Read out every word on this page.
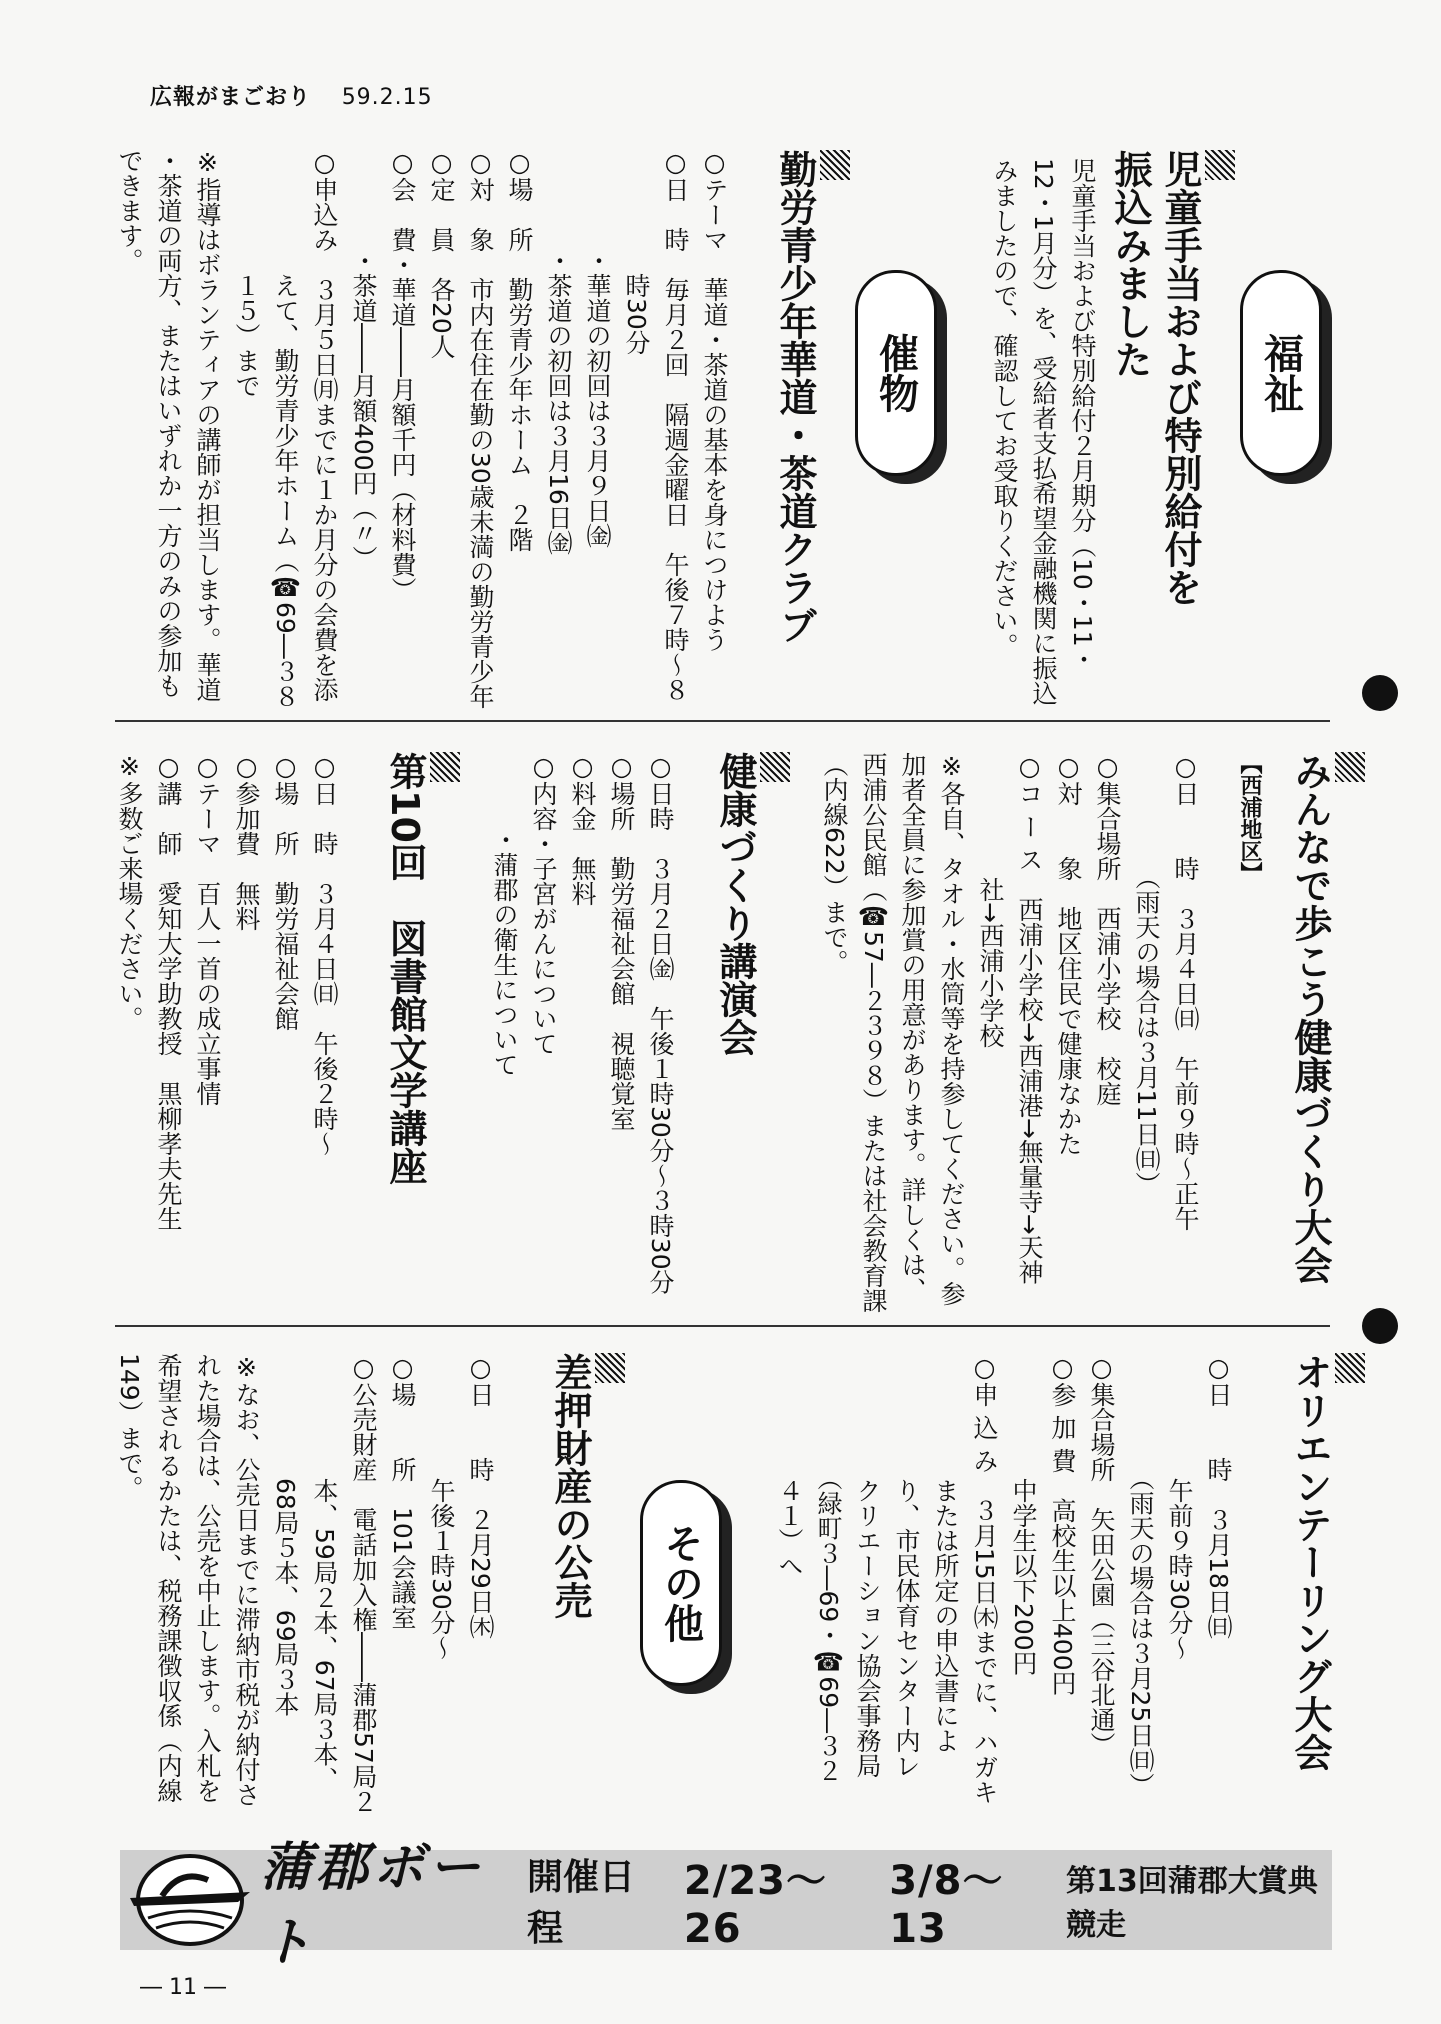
広報がまごおり 59.2.15
福祉
児童手当および特別給付を
振込みました
児童手当および特別給付２月期分（10・11・
12・1月分）を、受給者支払希望金融機関に振込
みましたので、確認してお受取りください。
催物
勤労青少年華道・茶道クラブ
○テーマ　華道・茶道の基本を身につけよう
○日　時　毎月２回　隔週金曜日　午後７時〜８
　　　　　時30分
　　　　・華道の初回は３月９日㈮
　　　　・茶道の初回は３月16日㈮
○場　所　勤労青少年ホーム　２階
○対　象　市内在住在勤の30歳未満の勤労青少年
○定　員　各20人
○会　費・華道――月額千円（材料費）
　　　　・茶道――月額400円（〃）
○申込み　３月５日㈪までに１か月分の会費を添
　　　　　えて、勤労青少年ホーム（☎69―３８
　　　　　１５）まで
※指導はボランティアの講師が担当します。華道
・茶道の両方、またはいずれか一方のみの参加も
できます。
みんなで歩こう健康づくり大会
【西浦地区】
○日　　時　３月４日㈰　午前９時〜正午
　　　　　（雨天の場合は３月11日㈰）
○集合場所　西浦小学校　校庭
○対　　象　地区住民で健康なかた
○コ ー ス　西浦小学校→西浦港→無量寺→天神
　　　　　社→西浦小学校
※各自、タオル・水筒等を持参してください。参
加者全員に参加賞の用意があります。詳しくは、
西浦公民館（☎57―２３９８）または社会教育課
（内線622）まで。
健康づくり講演会
○日時　３月２日㈮　午後１時30分〜３時30分
○場所　勤労福祉会館　視聴覚室
○料金　無料
○内容・子宮がんについて
　　　・蒲郡の衛生について
第10回　図書館文学講座
○日　時　３月４日㈰　午後２時〜
○場　所　勤労福祉会館
○参加費　無料
○テーマ　百人一首の成立事情
○講　師　愛知大学助教授　黒柳孝夫先生
※多数ご来場ください。
オリエンテーリング大会
○日　　時　３月18日㈰
　　　　　午前９時30分〜
　　　　　（雨天の場合は３月25日㈰）
○集合場所　矢田公園（三谷北通）
○参 加 費　高校生以上400円
　　　　　中学生以下200円
○申 込 み　３月15日㈭までに、ハガキ
　　　　　または所定の申込書によ
　　　　　り、市民体育センター内レ
　　　　　クリエーション協会事務局
　　　　　（緑町３―69・☎69―３２
　　　　　４１）へ
その他
差押財産の公売
○日　　時　２月29日㈭
　　　　　午後１時30分〜
○場　　所　101会議室
○公売財産　電話加入権――蒲郡57局２
　　　　　本、59局２本、67局３本、
　　　　　68局５本、69局３本
※なお、公売日までに滞納市税が納付さ
れた場合は、公売を中止します。入札を
希望されるかたは、税務課徴収係（内線
149）まで。
蒲郡ボート
開催日程
2/23〜26
3/8〜13
第13回蒲郡大賞典競走
― 11 ―
